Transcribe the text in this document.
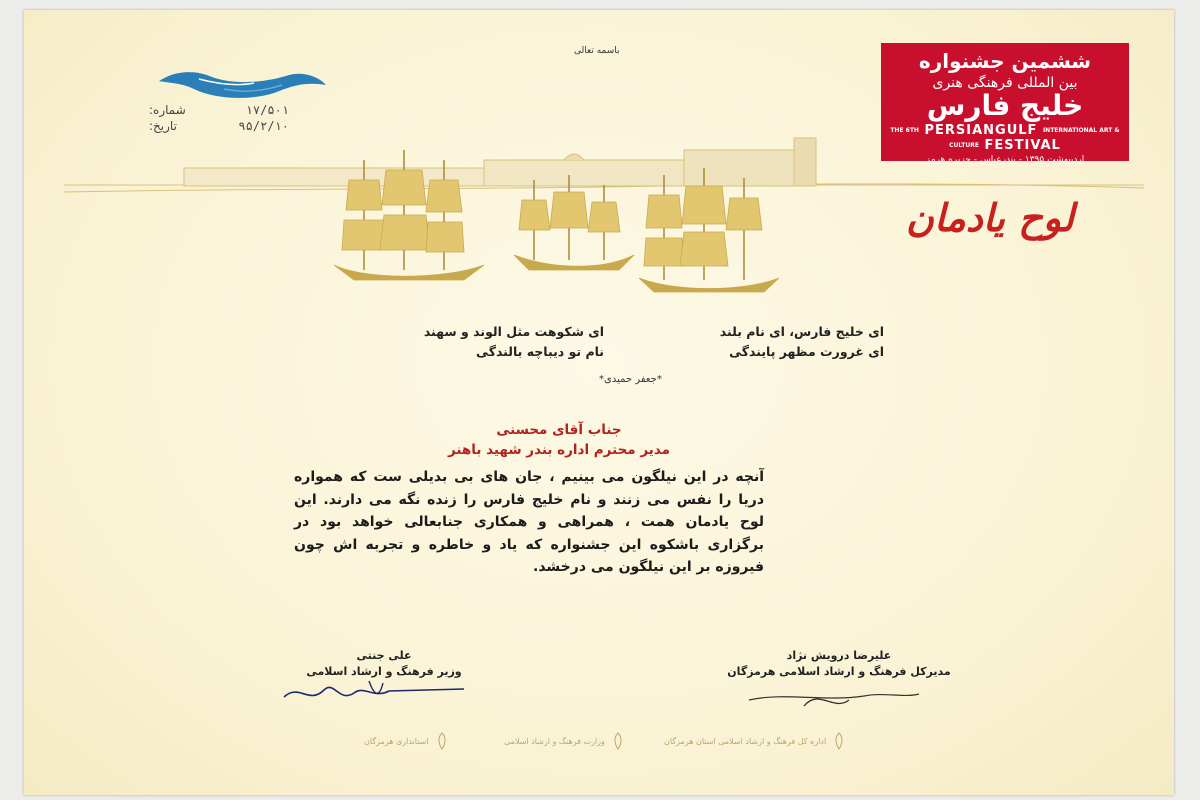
باسمه تعالی
۱۷/۵۰۱
شماره:
۹۵/۲/۱۰
تاریخ:
ششمین جشنواره
بین المللی فرهنگی هنری
خلیج فارس
THE 6TH PERSIANGULF INTERNATIONAL ART & CULTURE FESTIVAL
اردیبهشت ۱۳۹۵ - بندرعباس - جزیره هرمز
لوح یادمان
ای خلیج فارس، ای نام بلند
ای غرورت مظهر پایندگی
ای شکوهت مثل الوند و سهند
نام تو دیباچه بالندگی
*جعفر حمیدی*
جناب آقای محسنی
مدیر محترم اداره بندر شهید باهنر
آنچه در این نیلگون می بینیم ، جان های بی بدیلی ست که همواره دریا را نفس می زنند و نام خلیج فارس را زنده نگه می دارند. این لوح یادمان همت ، همراهی و همکاری جنابعالی خواهد بود در برگزاری باشکوه این جشنواره که یاد و خاطره و تجربه اش چون فیروزه بر این نیلگون می درخشد.
علی جنتی
وزیر فرهنگ و ارشاد اسلامی
علیرضا درویش نژاد
مدیرکل فرهنگ و ارشاد اسلامی هرمزگان
استانداری هرمزگان	وزارت فرهنگ و ارشاد اسلامی	اداره کل فرهنگ و ارشاد اسلامی استان هرمزگان
